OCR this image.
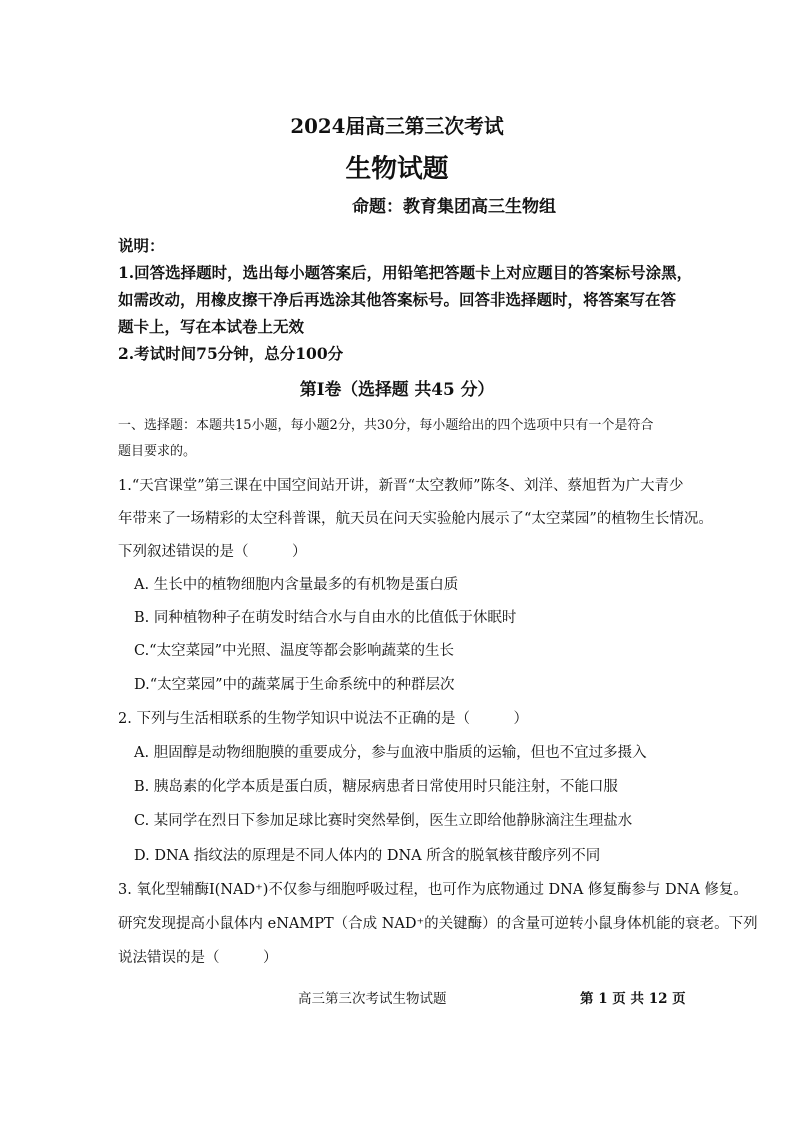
2024届高三第三次考试
生物试题
命题：教育集团高三生物组
说明：
1.回答选择题时，选出每小题答案后，用铅笔把答题卡上对应题目的答案标号涂黑，
如需改动，用橡皮擦干净后再选涂其他答案标号。回答非选择题时，将答案写在答
题卡上，写在本试卷上无效
2.考试时间75分钟，总分100分
第Ⅰ卷（选择题 共45 分）
一、选择题：本题共15小题，每小题2分，共30分，每小题给出的四个选项中只有一个是符合
题目要求的。
1.“天宫课堂”第三课在中国空间站开讲，新晋“太空教师”陈冬、刘洋、蔡旭哲为广大青少
年带来了一场精彩的太空科普课，航天员在问天实验舱内展示了“太空菜园”的植物生长情况。
下列叙述错误的是（　　　）
A. 生长中的植物细胞内含量最多的有机物是蛋白质
B. 同种植物种子在萌发时结合水与自由水的比值低于休眠时
C.“太空菜园”中光照、温度等都会影响蔬菜的生长
D.“太空菜园”中的蔬菜属于生命系统中的种群层次
2. 下列与生活相联系的生物学知识中说法不正确的是（　　　）
A. 胆固醇是动物细胞膜的重要成分，参与血液中脂质的运输，但也不宜过多摄入
B. 胰岛素的化学本质是蛋白质，糖尿病患者日常使用时只能注射，不能口服
C. 某同学在烈日下参加足球比赛时突然晕倒，医生立即给他静脉滴注生理盐水
D. DNA 指纹法的原理是不同人体内的 DNA 所含的脱氧核苷酸序列不同
3. 氧化型辅酶Ⅰ(NAD⁺)不仅参与细胞呼吸过程，也可作为底物通过 DNA 修复酶参与 DNA 修复。
研究发现提高小鼠体内 eNAMPT（合成 NAD⁺的关键酶）的含量可逆转小鼠身体机能的衰老。下列
说法错误的是（　　　）
高三第三次考试生物试题	第 1 页 共 12 页
